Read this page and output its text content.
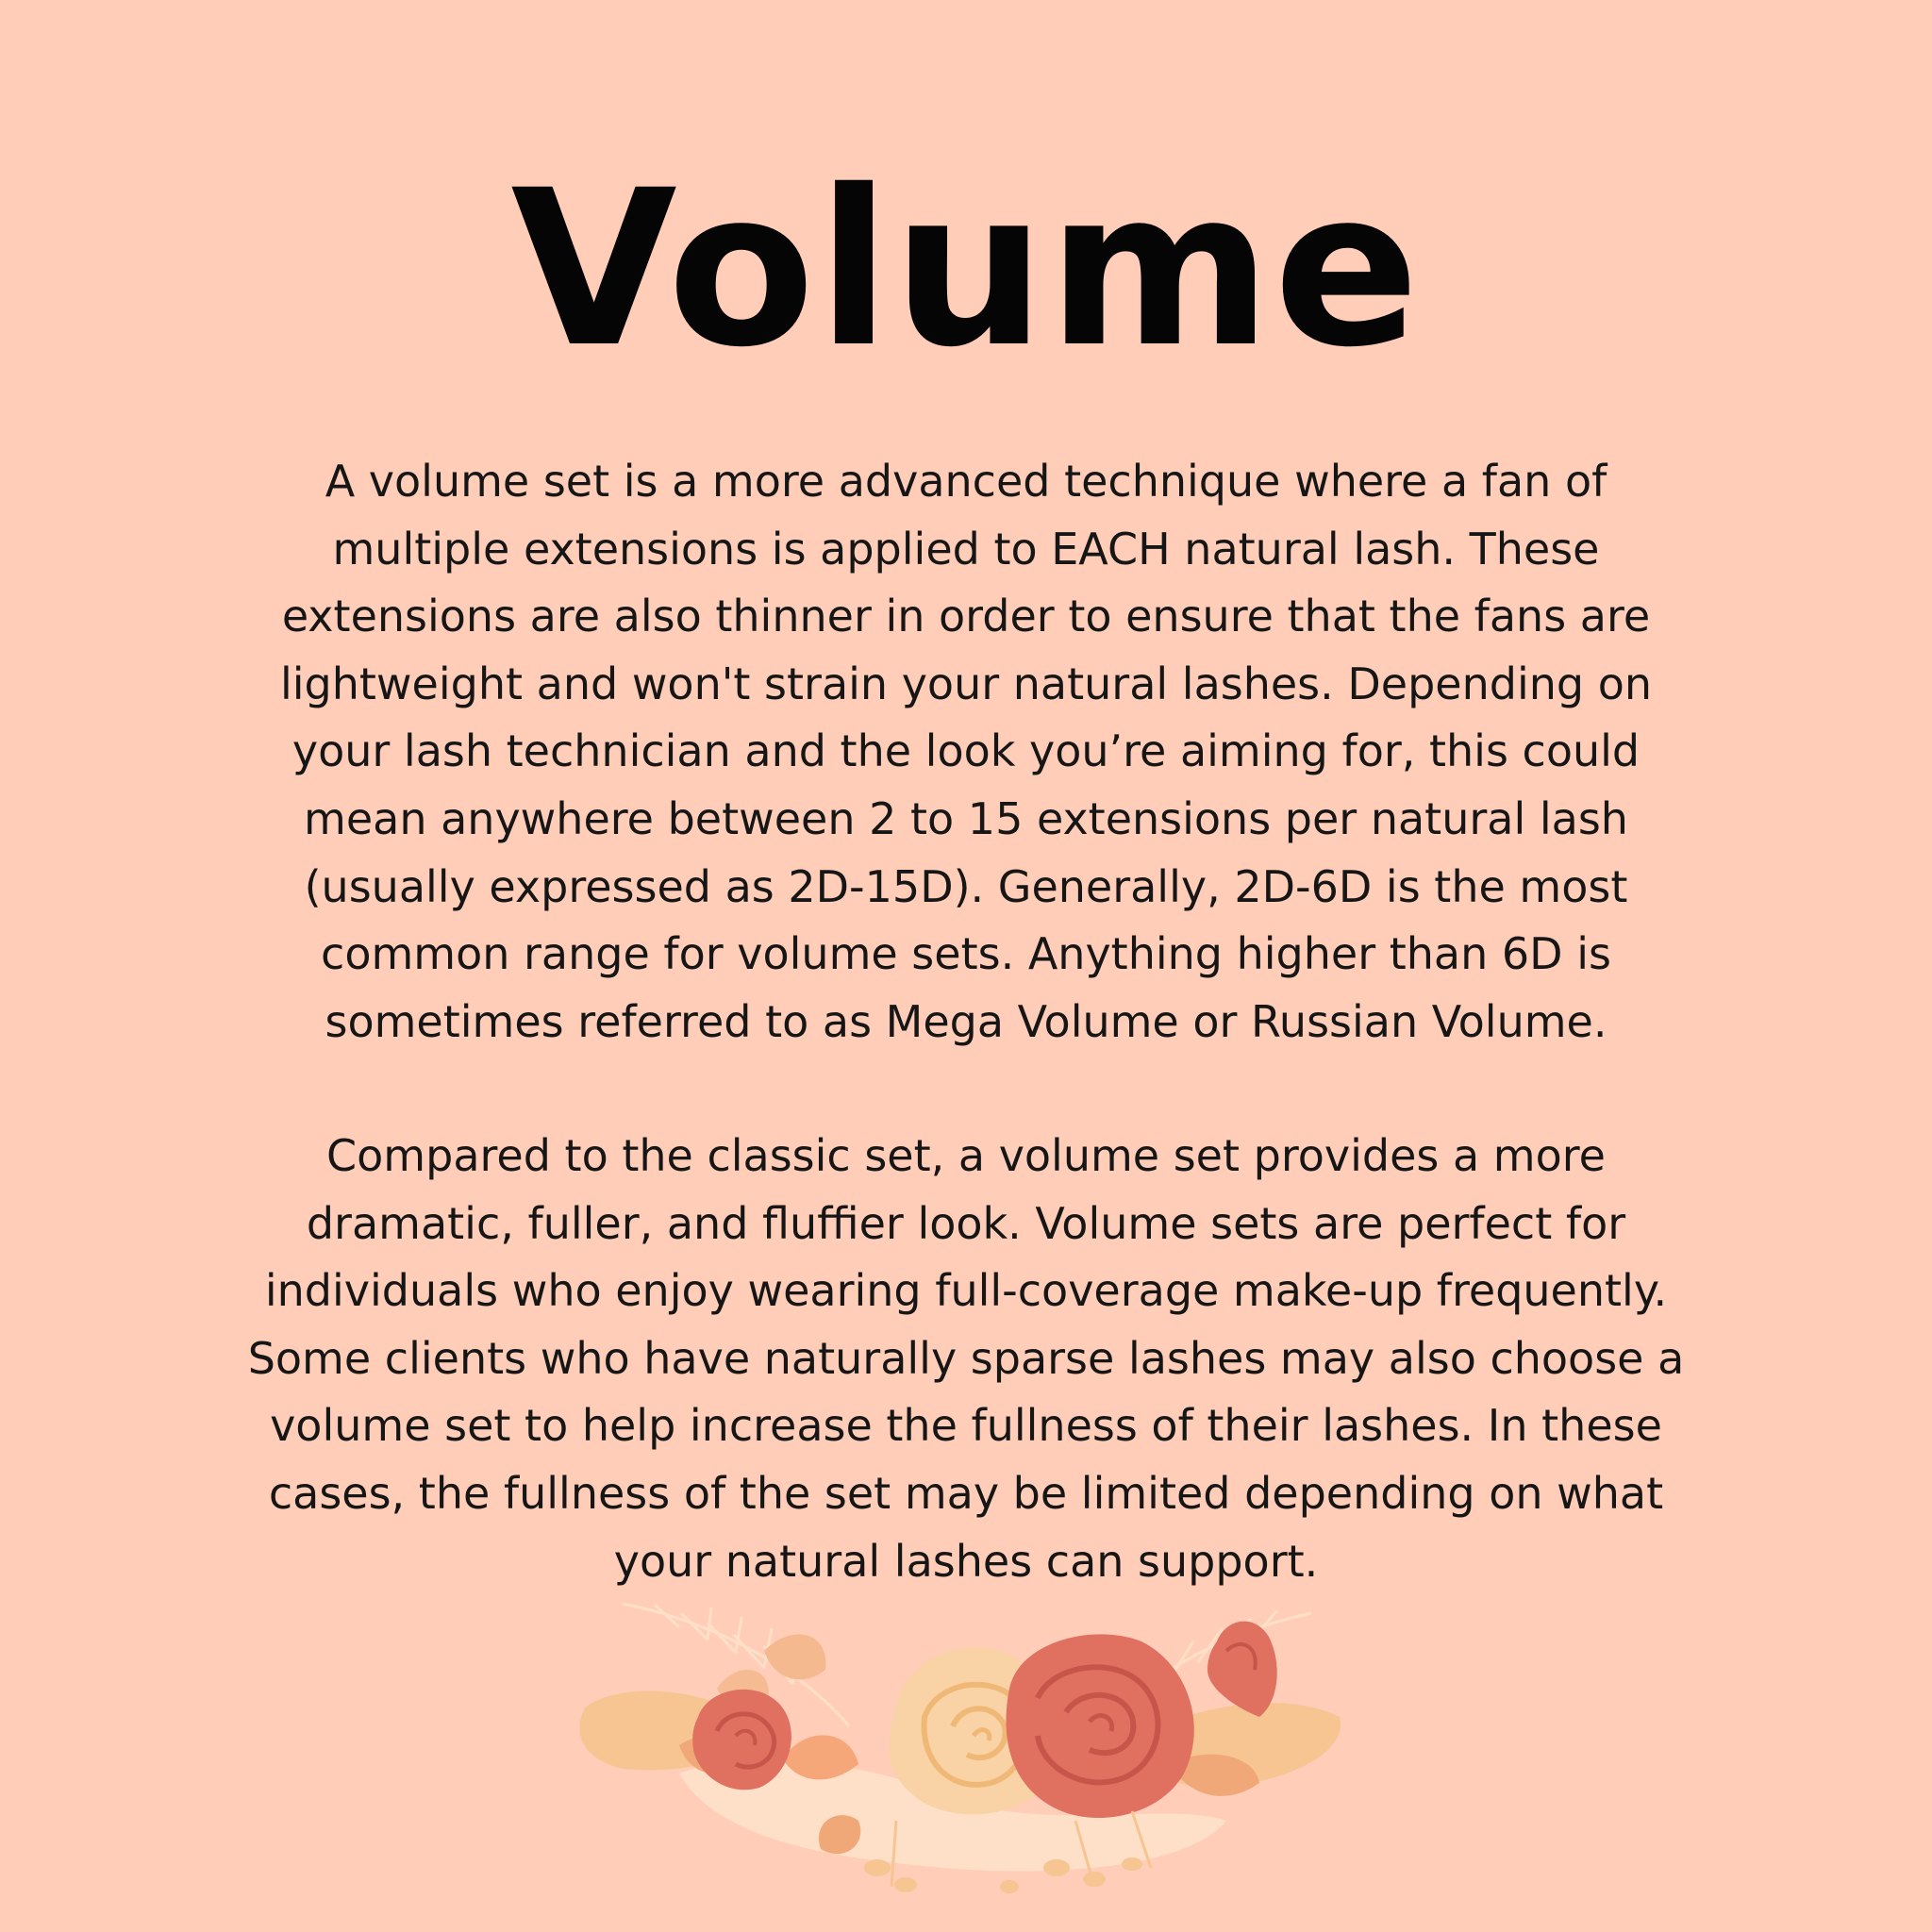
Volume

A volume set is a more advanced technique where a fan of
multiple extensions is applied to EACH natural lash. These
extensions are also thinner in order to ensure that the fans are
lightweight and won't strain your natural lashes. Depending on
your lash technician and the look you’re aiming for, this could
mean anywhere between 2 to 15 extensions per natural lash
(usually expressed as 2D-15D). Generally, 2D-6D is the most
common range for volume sets. Anything higher than 6D is
sometimes referred to as Mega Volume or Russian Volume.

Compared to the classic set, a volume set provides a more
dramatic, fuller, and fluffier look. Volume sets are perfect for
individuals who enjoy wearing full-coverage make-up frequently.
Some clients who have naturally sparse lashes may also choose a
volume set to help increase the fullness of their lashes. In these
cases, the fullness of the set may be limited depending on what
your natural lashes can support.
